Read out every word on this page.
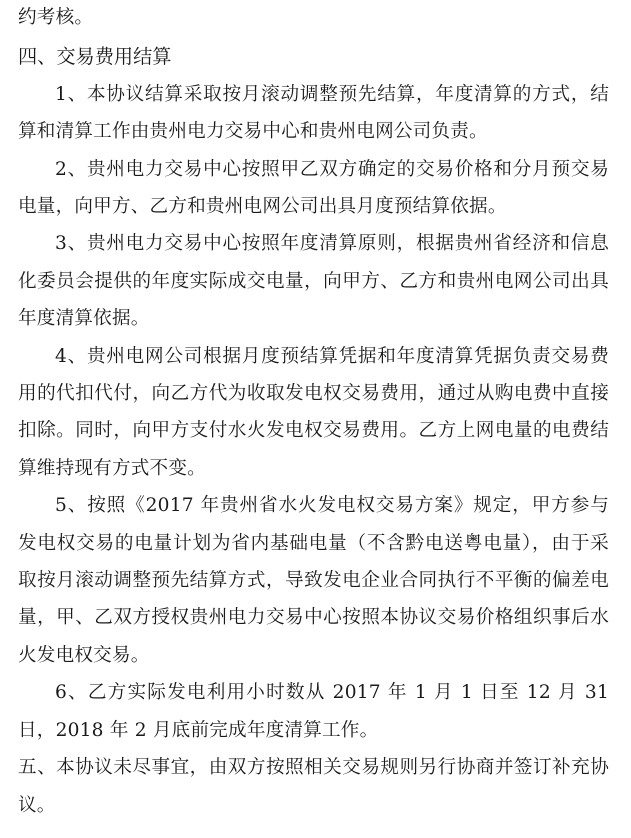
约考核。

四、交易费用结算

1、本协议结算采取按月滚动调整预先结算，年度清算的方式，结算和清算工作由贵州电力交易中心和贵州电网公司负责。

2、贵州电力交易中心按照甲乙双方确定的交易价格和分月预交易电量，向甲方、乙方和贵州电网公司出具月度预结算依据。

3、贵州电力交易中心按照年度清算原则，根据贵州省经济和信息化委员会提供的年度实际成交电量，向甲方、乙方和贵州电网公司出具年度清算依据。

4、贵州电网公司根据月度预结算凭据和年度清算凭据负责交易费用的代扣代付，向乙方代为收取发电权交易费用，通过从购电费中直接扣除。同时，向甲方支付水火发电权交易费用。乙方上网电量的电费结算维持现有方式不变。

5、按照《2017 年贵州省水火发电权交易方案》规定，甲方参与发电权交易的电量计划为省内基础电量（不含黔电送粤电量），由于采取按月滚动调整预先结算方式，导致发电企业合同执行不平衡的偏差电量，甲、乙双方授权贵州电力交易中心按照本协议交易价格组织事后水火发电权交易。

6、乙方实际发电利用小时数从 2017 年 1 月 1 日至 12 月 31 日，2018 年 2 月底前完成年度清算工作。

五、本协议未尽事宜，由双方按照相关交易规则另行协商并签订补充协议。
